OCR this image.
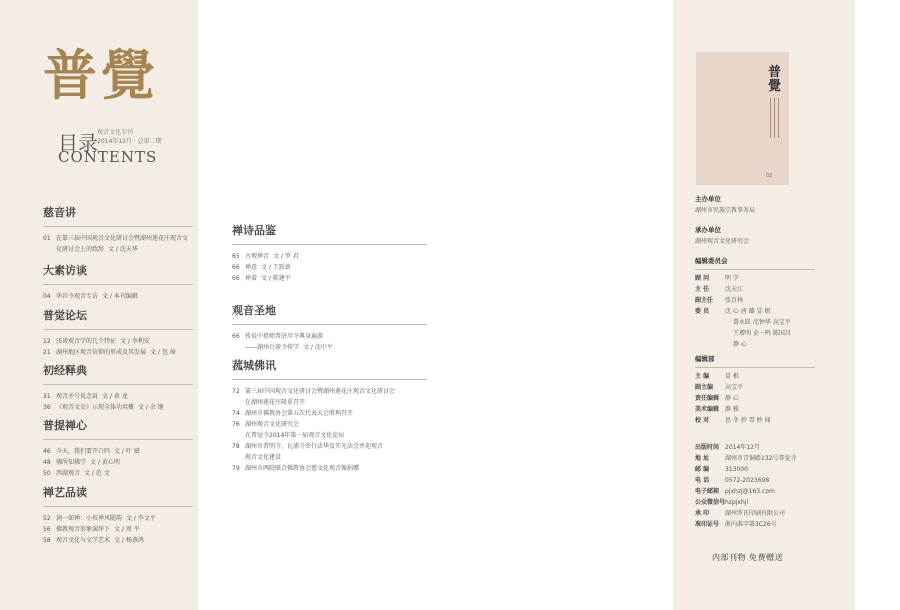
普覺
目录 观音文化专刊
2014年12月 · 总第二期
CONTENTS
慈音讲
01 在第三届中国观音文化研讨会暨湖州莲花庄观音文
化研讨会上的致辞 文 / 沈天华
大素访谈
04 华岩寺观音专访 文 / 本刊编辑
普觉论坛
12 浅谈观音学的几个特征 文 / 李利安
21 湖州地区观音信仰的形成及其发展 文 / 包 璋
初经释典
31 观音圣号说念说 文 / 黄 龙
36 《观音文史》示现全体功用概 文 / 余 继
普提禅心
46 今天，我们要开口吗 文 / 叶 斌
48 佛所知佛学 文 / 黄心明
50 西湖观音 文 / 范 文
禅艺品读
52 润一如禅：小枝禅风随韵 文 / 李文平
56 佛教观音形象演绎下 文 / 周 平
58 观音文化与文学艺术 文 / 杨燕鸿
禅诗品鉴
65 古观禅音 文 / 罗 君
66 禅意 文 / 王跃新
66 禅着 文 / 陈建平
观音圣地
66 传说中祖师普济岸寺典身遍游
——湖州白雀寺传学 文 / 沈中平
菰城佛讯
72 第三届中国观音文化研讨会暨湖州莲花庄观音文化研讨会
在湖州莲花庄隆重召开
74 湖州市佛教协会第五次代表大会胜利召开
76 湖州观音文化研究会
在普觉寺2014年第一届观音文化论坛
78 湖州市普明寺、瓦浦寺举行法华及开光法会并迎观音
观音文化建设
79 湖州市两院联合佛教协会慈文化观音像捐赠
普覺
02
主办单位
湖州市民族宗教事务局
承办单位
湖州观音文化研究会
编辑委员会
顾 问	明 学
主 任	沈天江
副主任	张百林
委 员	沈 心 唐 璐 冒 根
曾永跃 沈钟华 高宝平
王增明 金一鸣 陈国昌
静 心
编辑部
主 编	冒 根
副主编	高宝平
责任编辑 静 心
美术编辑 静 雅
校 对	思 冬 妙 雪 妙 闻
出版时间 2014年12月
地 址	湖州市青铜路132号普觉寺
邮 编	313000
电 话	0572-2023698
电子邮箱 pjxhzj@163.com
公众微信号 hzpjxhjl
承 印	湖州罗氏印刷有限公司
准印证号 浙内准字第3C26号
内部刊物 免费赠送
